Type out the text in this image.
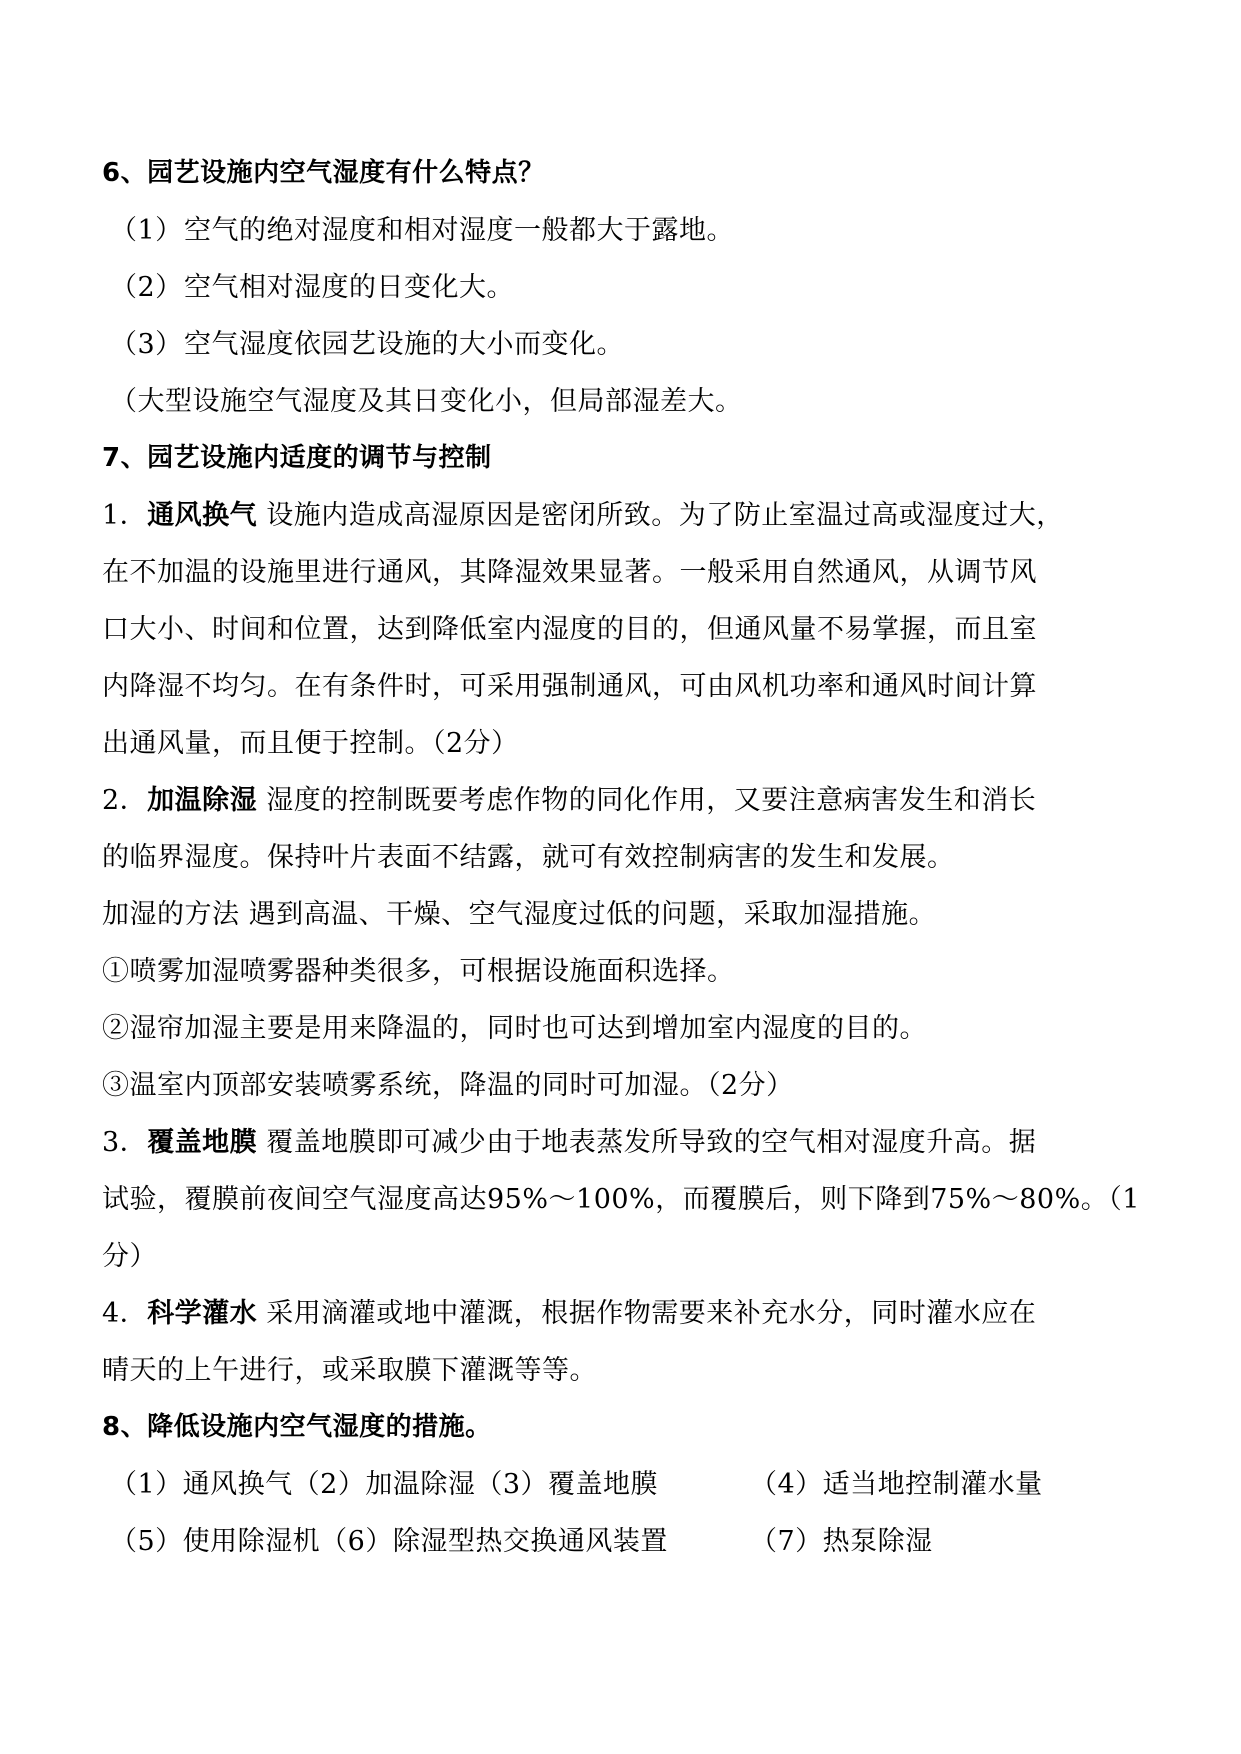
6、园艺设施内空气湿度有什么特点？
（1）空气的绝对湿度和相对湿度一般都大于露地。
（2）空气相对湿度的日变化大。
（3）空气湿度依园艺设施的大小而变化。
（大型设施空气湿度及其日变化小，但局部湿差大。
7、园艺设施内适度的调节与控制
1．通风换气 设施内造成高湿原因是密闭所致。为了防止室温过高或湿度过大，
在不加温的设施里进行通风，其降湿效果显著。一般采用自然通风，从调节风
口大小、时间和位置，达到降低室内湿度的目的，但通风量不易掌握，而且室
内降湿不均匀。在有条件时，可采用强制通风，可由风机功率和通风时间计算
出通风量，而且便于控制。（2分）
2．加温除湿 湿度的控制既要考虑作物的同化作用，又要注意病害发生和消长
的临界湿度。保持叶片表面不结露，就可有效控制病害的发生和发展。
加湿的方法 遇到高温、干燥、空气湿度过低的问题，采取加湿措施。
①喷雾加湿喷雾器种类很多，可根据设施面积选择。
②湿帘加湿主要是用来降温的，同时也可达到增加室内湿度的目的。
③温室内顶部安装喷雾系统，降温的同时可加湿。（2分）
3．覆盖地膜 覆盖地膜即可减少由于地表蒸发所导致的空气相对湿度升高。据
试验，覆膜前夜间空气湿度高达95%～100%，而覆膜后，则下降到75%～80%。（1
分）
4．科学灌水 采用滴灌或地中灌溉，根据作物需要来补充水分，同时灌水应在
晴天的上午进行，或采取膜下灌溉等等。
8、降低设施内空气湿度的措施。
（1）通风换气（2）加温除湿（3）覆盖地膜	（4）适当地控制灌水量
（5）使用除湿机（6）除湿型热交换通风装置	（7）热泵除湿
